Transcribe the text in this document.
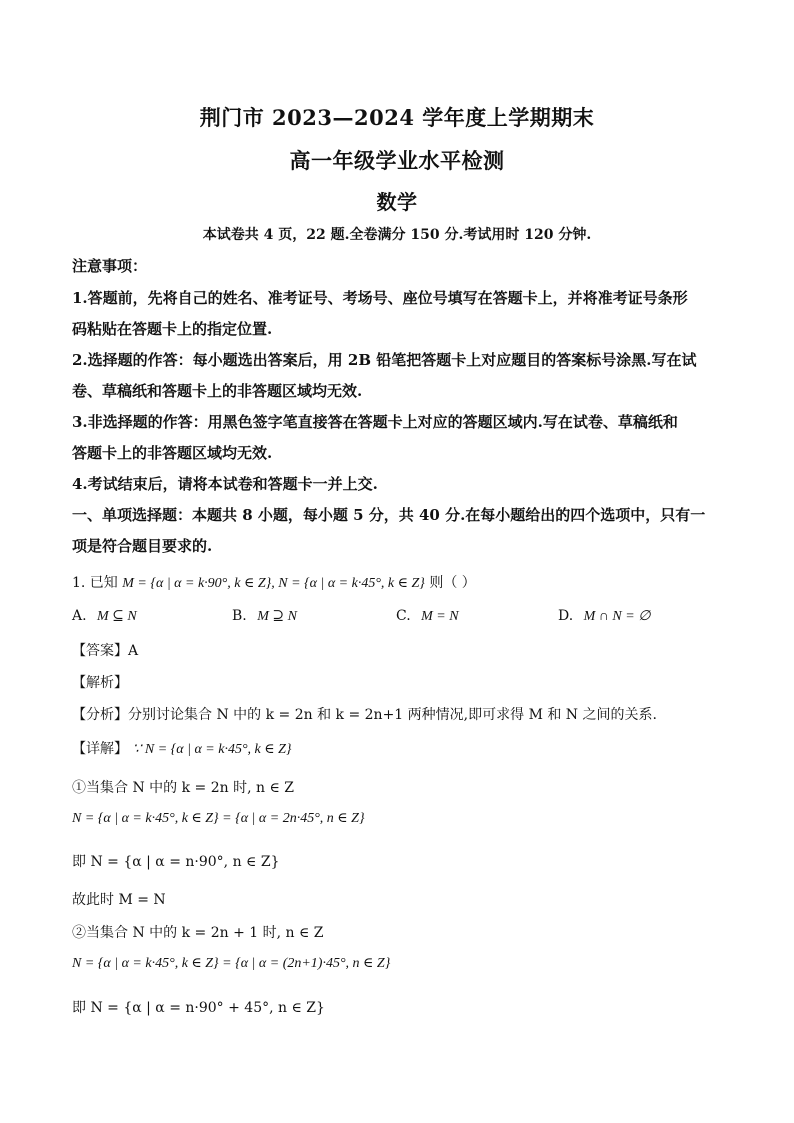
荆门市 2023—2024 学年度上学期期末
高一年级学业水平检测
数学
本试卷共 4 页，22 题.全卷满分 150 分.考试用时 120 分钟.
注意事项：
1.答题前，先将自己的姓名、准考证号、考场号、座位号填写在答题卡上，并将准考证号条形
码粘贴在答题卡上的指定位置.
2.选择题的作答：每小题选出答案后，用 2B 铅笔把答题卡上对应题目的答案标号涂黑.写在试
卷、草稿纸和答题卡上的非答题区域均无效.
3.非选择题的作答：用黑色签字笔直接答在答题卡上对应的答题区域内.写在试卷、草稿纸和
答题卡上的非答题区域均无效.
4.考试结束后，请将本试卷和答题卡一并上交.
一、单项选择题：本题共 8 小题，每小题 5 分，共 40 分.在每小题给出的四个选项中，只有一
项是符合题目要求的.
1. 已知 M = {α | α = k·90°, k ∈ Z}, N = {α | α = k·45°, k ∈ Z} 则（ ）
A. M ⊆ N	B. M ⊇ N	C. M = N	D. M ∩ N = ∅
【答案】A
【解析】
【分析】分别讨论集合 N 中的 k = 2n 和 k = 2n+1 两种情况,即可求得 M 和 N 之间的关系.
【详解】 ∵ N = {α | α = k·45°, k ∈ Z}
①当集合 N 中的 k = 2n 时, n ∈ Z
N = {α | α = k·45°, k ∈ Z} = {α | α = 2n·45°, n ∈ Z}
即 N = {α | α = n·90°, n ∈ Z}
故此时 M = N
②当集合 N 中的 k = 2n + 1 时, n ∈ Z
N = {α | α = k·45°, k ∈ Z} = {α | α = (2n+1)·45°, n ∈ Z}
即 N = {α | α = n·90° + 45°, n ∈ Z}
